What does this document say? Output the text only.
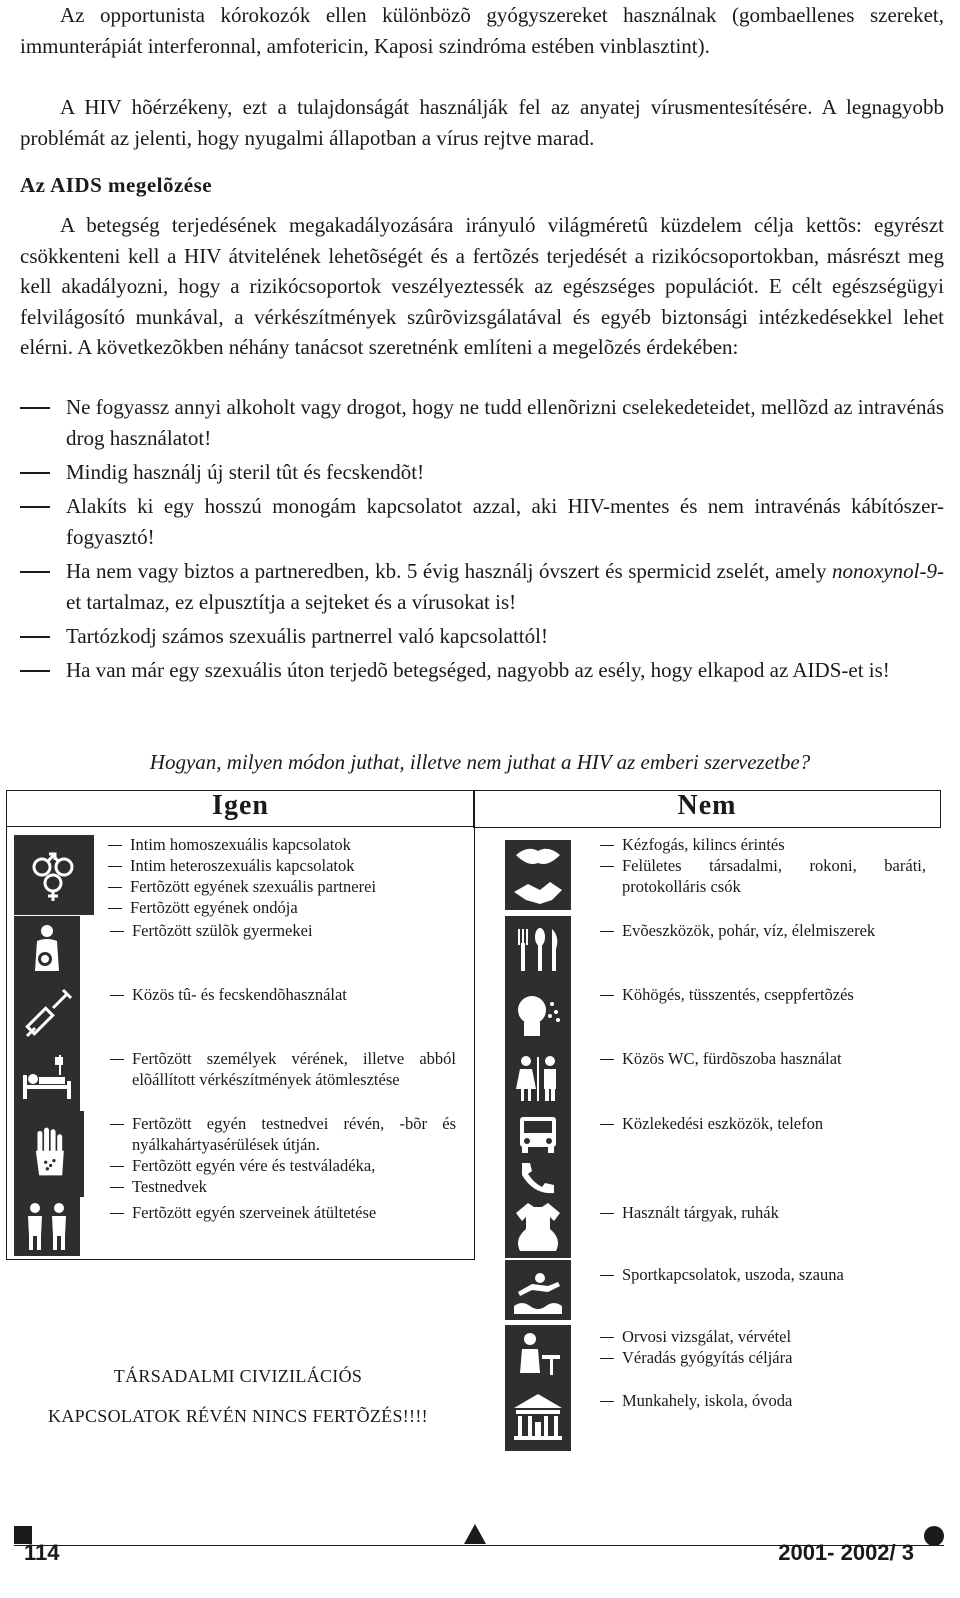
Az opportunista kórokozók ellen különbözõ gyógyszereket használnak (gombaellenes szereket, immunterápiát interferonnal, amfotericin, Kaposi szindróma estében vinblasztint).
A HIV hõérzékeny, ezt a tulajdonságát használják fel az anyatej vírusmentesítésére. A legnagyobb problémát az jelenti, hogy nyugalmi állapotban a vírus rejtve marad.
Az AIDS megelõzése
A betegség terjedésének megakadályozására irányuló világméretû küzdelem célja kettõs: egyrészt csökkenteni kell a HIV átvitelének lehetõségét és a fertõzés terjedését a rizikócsoportokban, másrészt meg kell akadályozni, hogy a rizikócsoportok veszélyeztessék az egészséges populációt. E célt egészségügyi felvilágosító munkával, a vérkészítmények szûrõvizsgálatával és egyéb biztonsági intézkedésekkel lehet elérni. A következõkben néhány tanácsot szeretnénk említeni a megelõzés érdekében:
Ne fogyassz annyi alkoholt vagy drogot, hogy ne tudd ellenõrizni cselekedeteidet, mellõzd az intravénás drog használatot!
Mindig használj új steril tût és fecskendõt!
Alakíts ki egy hosszú monogám kapcsolatot azzal, aki HIV-mentes és nem intravénás kábítószer-fogyasztó!
Ha nem vagy biztos a partneredben, kb. 5 évig használj óvszert és spermicid zselét, amely nonoxynol-9-et tartalmaz, ez elpusztítja a sejteket és a vírusokat is!
Tartózkodj számos szexuális partnerrel való kapcsolattól!
Ha van már egy szexuális úton terjedõ betegséged, nagyobb az esély, hogy elkapod az AIDS-et is!
Hogyan, milyen módon juthat, illetve nem juthat a HIV az emberi szervezetbe?
Igen	Nem
Intim homoszexuális kapcsolatok
Intim heteroszexuális kapcsolatok
Fertõzött egyének szexuális partnerei
Fertõzött egyének ondója
Fertõzött szülõk gyermekei
Közös tû- és fecskendõhasználat
Fertõzött személyek vérének, illetve abból elõállított vérkészítmények átömlesztése
Fertõzött egyén testnedvei révén, -bõr és nyálkahártyasérülések útján.
Fertõzött egyén vére és testváladéka,
Testnedvek
Fertõzött egyén szerveinek átültetése
Kézfogás, kilincs érintés
Felületes társadalmi, rokoni, baráti, protokolláris csók
Evõeszközök, pohár, víz, élelmiszerek
Köhögés, tüsszentés, cseppfertõzés
Közös WC, fürdõszoba használat
Közlekedési eszközök, telefon
Használt tárgyak, ruhák
Sportkapcsolatok, uszoda, szauna
Orvosi vizsgálat, vérvétel
Véradás gyógyítás céljára
Munkahely, iskola, óvoda
TÁRSADALMI CIVIZILÁCIÓS
KAPCSOLATOK RÉVÉN NINCS FERTÕZÉS!!!!
114	2001- 2002/ 3
